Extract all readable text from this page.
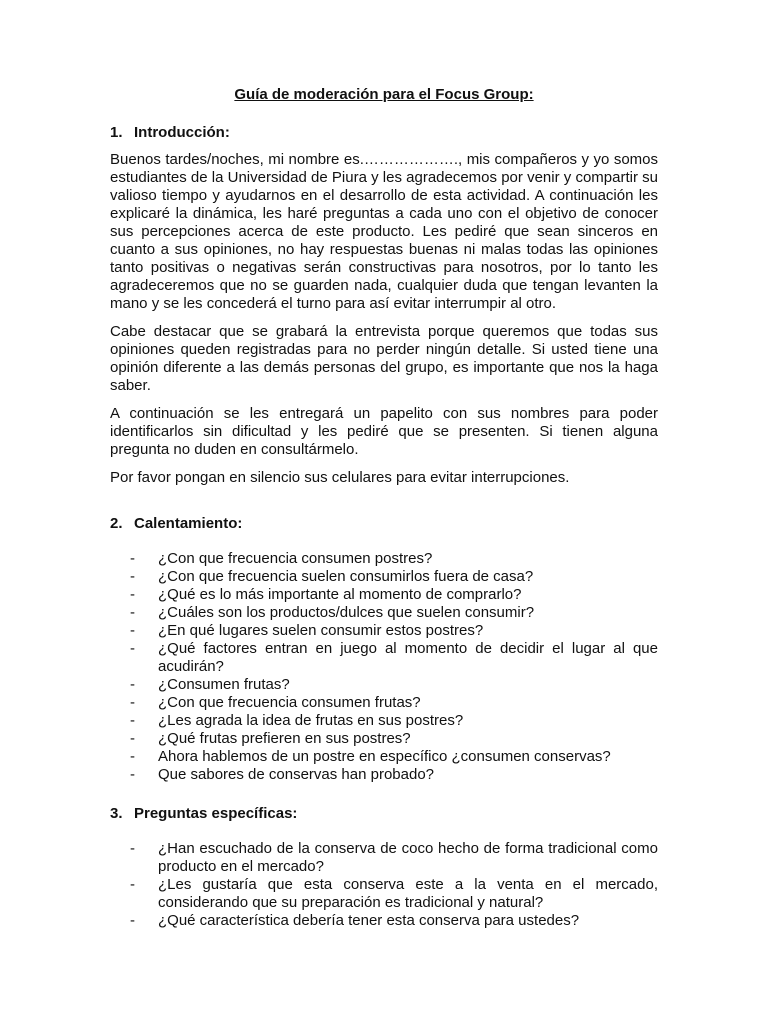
Guía de moderación para el Focus Group:
1. Introducción:

Buenos tardes/noches, mi nombre es.………………., mis compañeros y yo somos estudiantes de la Universidad de Piura y les agradecemos por venir y compartir su valioso tiempo y ayudarnos en el desarrollo de esta actividad. A continuación les explicaré la dinámica, les haré preguntas a cada uno con el objetivo de conocer sus percepciones acerca de este producto. Les pediré que sean sinceros en cuanto a sus opiniones, no hay respuestas buenas ni malas todas las opiniones tanto positivas o negativas serán constructivas para nosotros, por lo tanto les agradeceremos que no se guarden nada, cualquier duda que tengan levanten la mano y se les concederá el turno para así evitar interrumpir al otro.

Cabe destacar que se grabará la entrevista porque queremos que todas sus opiniones queden registradas para no perder ningún detalle. Si usted tiene una opinión diferente a las demás personas del grupo, es importante que nos la haga saber.

A continuación se les entregará un papelito con sus nombres para poder identificarlos sin dificultad y les pediré que se presenten. Si tienen alguna pregunta no duden en consultármelo.

Por favor pongan en silencio sus celulares para evitar interrupciones.

2. Calentamiento:
- ¿Con que frecuencia consumen postres?
- ¿Con que frecuencia suelen consumirlos fuera de casa?
- ¿Qué es lo más importante al momento de comprarlo?
- ¿Cuáles son los productos/dulces que suelen consumir?
- ¿En qué lugares suelen consumir estos postres?
- ¿Qué factores entran en juego al momento de decidir el lugar al que acudirán?
- ¿Consumen frutas?
- ¿Con que frecuencia consumen frutas?
- ¿Les agrada la idea de frutas en sus postres?
- ¿Qué frutas prefieren en sus postres?
- Ahora hablemos de un postre en específico ¿consumen conservas?
- Que sabores de conservas han probado?
3. Preguntas específicas:
- ¿Han escuchado de la conserva de coco hecho de forma tradicional como producto en el mercado?
- ¿Les gustaría que esta conserva este a la venta en el mercado, considerando que su preparación es tradicional y natural?
- ¿Qué característica debería tener esta conserva para ustedes?
